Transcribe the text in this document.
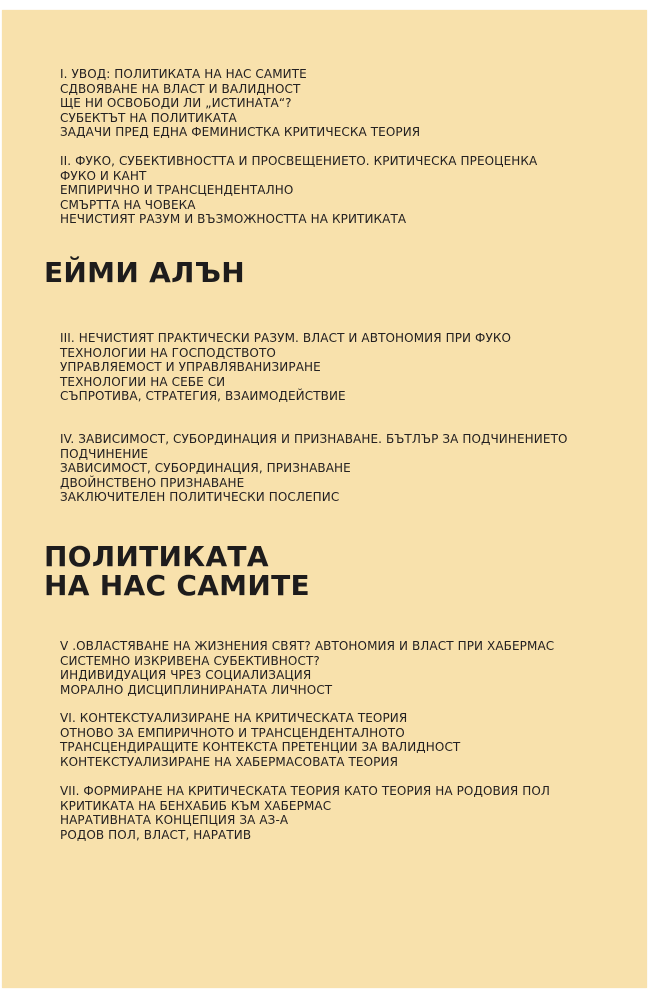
I. УВОД: ПОЛИТИКАТА НА НАС САМИТЕ
СДВОЯВАНЕ НА ВЛАСТ И ВАЛИДНОСТ
ЩЕ НИ ОСВОБОДИ ЛИ „ИСТИНАТА“?
СУБЕКТЪТ НА ПОЛИТИКАТА
ЗАДАЧИ ПРЕД ЕДНА ФЕМИНИСТКА КРИТИЧЕСКА ТЕОРИЯ
II. ФУКО, СУБЕКТИВНОСТТА И ПРОСВЕЩЕНИЕТО. КРИТИЧЕСКА ПРЕОЦЕНКА
ФУКО И КАНТ
ЕМПИРИЧНО И ТРАНСЦЕНДЕНТАЛНО
СМЪРТТА НА ЧОВЕКА
НЕЧИСТИЯТ РАЗУМ И ВЪЗМОЖНОСТТА НА КРИТИКАТА
ЕЙМИ АЛЪН
III. НЕЧИСТИЯТ ПРАКТИЧЕСКИ РАЗУМ. ВЛАСТ И АВТОНОМИЯ ПРИ ФУКО
ТЕХНОЛОГИИ НА ГОСПОДСТВОТО
УПРАВЛЯЕМОСТ И УПРАВЛЯВАНИЗИРАНЕ
ТЕХНОЛОГИИ НА СЕБЕ СИ
СЪПРОТИВА, СТРАТЕГИЯ, ВЗАИМОДЕЙСТВИЕ
IV. ЗАВИСИМОСТ, СУБОРДИНАЦИЯ И ПРИЗНАВАНЕ. БЪТЛЪР ЗА ПОДЧИНЕНИЕТО
ПОДЧИНЕНИЕ
ЗАВИСИМОСТ, СУБОРДИНАЦИЯ, ПРИЗНАВАНЕ
ДВОЙНСТВЕНО ПРИЗНАВАНЕ
ЗАКЛЮЧИТЕЛЕН ПОЛИТИЧЕСКИ ПОСЛЕПИС
ПОЛИТИКАТА
НА НАС САМИТЕ
V .ОВЛАСТЯВАНЕ НА ЖИЗНЕНИЯ СВЯТ? АВТОНОМИЯ И ВЛАСТ ПРИ ХАБЕРМАС
СИСТЕМНО ИЗКРИВЕНА СУБЕКТИВНОСТ?
ИНДИВИДУАЦИЯ ЧРЕЗ СОЦИАЛИЗАЦИЯ
МОРАЛНО ДИСЦИПЛИНИРАНАТА ЛИЧНОСТ
VI. КОНТЕКСТУАЛИЗИРАНЕ НА КРИТИЧЕСКАТА ТЕОРИЯ
ОТНОВО ЗА ЕМПИРИЧНОТО И ТРАНСЦЕНДЕНТАЛНОТО
ТРАНСЦЕНДИРАЩИТЕ КОНТЕКСТА ПРЕТЕНЦИИ ЗА ВАЛИДНОСТ
КОНТЕКСТУАЛИЗИРАНЕ НА ХАБЕРМАСОВАТА ТЕОРИЯ
VII. ФОРМИРАНЕ НА КРИТИЧЕСКАТА ТЕОРИЯ КАТО ТЕОРИЯ НА РОДОВИЯ ПОЛ
КРИТИКАТА НА БЕНХАБИБ КЪМ ХАБЕРМАС
НАРАТИВНАТА КОНЦЕПЦИЯ ЗА АЗ-А
РОДОВ ПОЛ, ВЛАСТ, НАРАТИВ
